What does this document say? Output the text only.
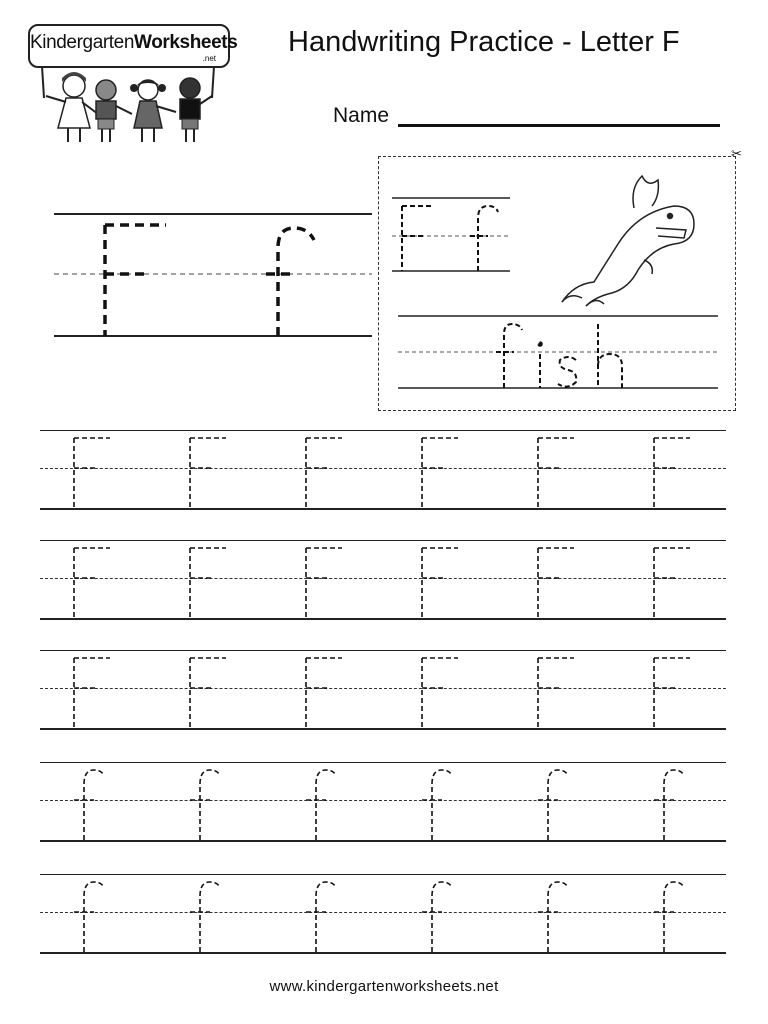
KindergartenWorksheets
.net
Handwriting Practice - Letter F
Name
✂
www.kindergartenworksheets.net
